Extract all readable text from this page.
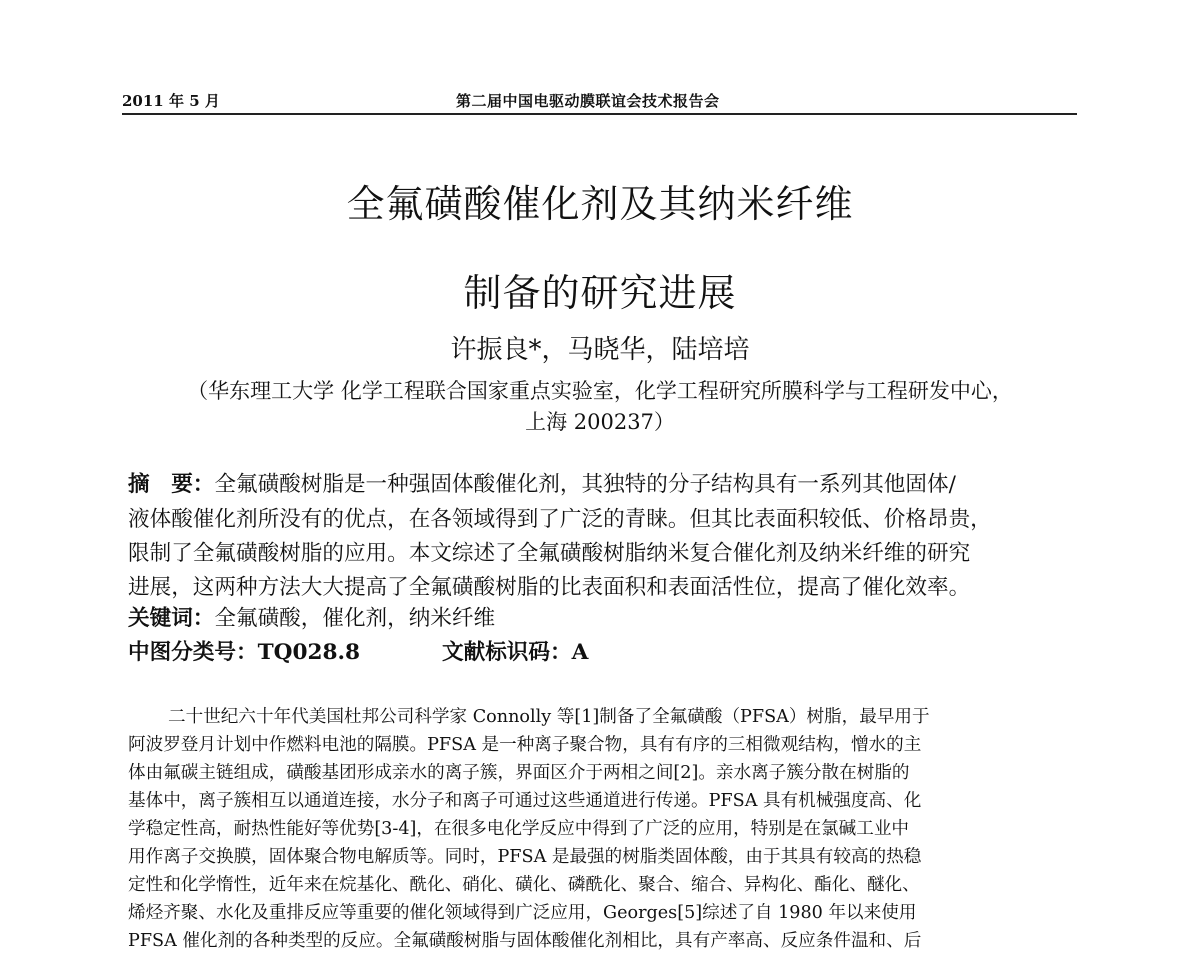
2011 年 5 月	第二届中国电驱动膜联谊会技术报告会
全氟磺酸催化剂及其纳米纤维
制备的研究进展
许振良*，马晓华，陆培培
（华东理工大学 化学工程联合国家重点实验室，化学工程研究所膜科学与工程研发中心，
上海 200237）
摘　要：全氟磺酸树脂是一种强固体酸催化剂，其独特的分子结构具有一系列其他固体/
液体酸催化剂所没有的优点，在各领域得到了广泛的青睐。但其比表面积较低、价格昂贵，
限制了全氟磺酸树脂的应用。本文综述了全氟磺酸树脂纳米复合催化剂及纳米纤维的研究
进展，这两种方法大大提高了全氟磺酸树脂的比表面积和表面活性位，提高了催化效率。
关键词：全氟磺酸，催化剂，纳米纤维
中图分类号：TQ028.8	文献标识码：A
二十世纪六十年代美国杜邦公司科学家 Connolly 等[1]制备了全氟磺酸（PFSA）树脂，最早用于
阿波罗登月计划中作燃料电池的隔膜。PFSA 是一种离子聚合物，具有有序的三相微观结构，憎水的主
体由氟碳主链组成，磺酸基团形成亲水的离子簇，界面区介于两相之间[2]。亲水离子簇分散在树脂的
基体中，离子簇相互以通道连接，水分子和离子可通过这些通道进行传递。PFSA 具有机械强度高、化
学稳定性高，耐热性能好等优势[3-4]，在很多电化学反应中得到了广泛的应用，特别是在氯碱工业中
用作离子交换膜，固体聚合物电解质等。同时，PFSA 是最强的树脂类固体酸，由于其具有较高的热稳
定性和化学惰性，近年来在烷基化、酰化、硝化、磺化、磷酰化、聚合、缩合、异构化、酯化、醚化、
烯烃齐聚、水化及重排反应等重要的催化领域得到广泛应用，Georges[5]综述了自 1980 年以来使用
PFSA 催化剂的各种类型的反应。全氟磺酸树脂与固体酸催化剂相比，具有产率高、反应条件温和、后
